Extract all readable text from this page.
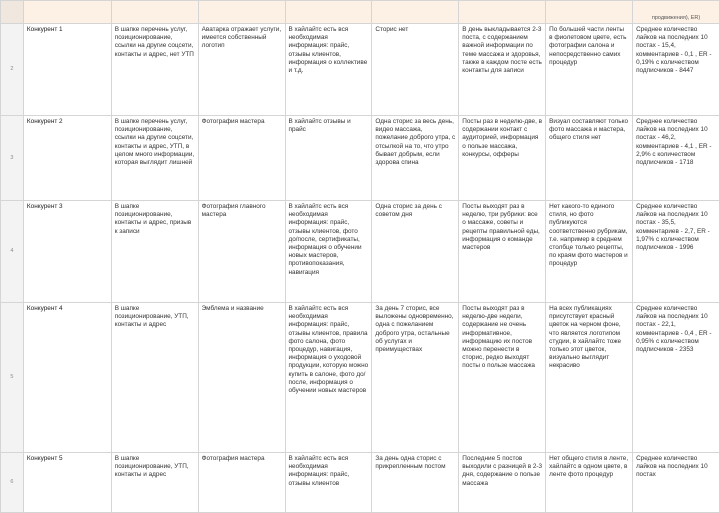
								продвижения), ER)
2	Конкурент 1	В шапке перечень услуг, позиционирование, ссылки на другие соцсети, контакты и адрес, нет УТП	Аватарка отражает услуги, имеется собственный логотип	В хайлайтс есть вся необходимая информация: прайс, отзывы клиентов, информация о коллективе и т.д.	Сторис нет	В день выкладывается 2-3 поста, с содержанием важной информации по теме массажа и здоровья, также в каждом посте есть контакты для записи	По большей части ленты в фиолетовом цвете, есть фотографии салона и непосредственно самих процедур	Среднее количество лайков на последних 10 постах - 15,4, комментариев - 0,1 , ER - 0,19% с количеством подписчиков - 8447
3	Конкурент 2	В шапке перечень услуг, позиционирование, ссылки на другие соцсети, контакты и адрес, УТП, в целом много информации, которая выглядит лишней	Фотография мастера	В хайлайтс отзывы и прайс	Одна сторис за весь день, видео массажа, пожелание доброго утра, с отсылкой на то, что утро бывает добрым, если здорова спина	Посты раз в неделю-две, в содержании контакт с аудиторией, информация о пользе массажа, конкурсы, офферы	Визуал составляют только фото массажа и мастера, общего стиля нет	Среднее количество лайков на последних 10 постах - 46,2, комментариев - 4,1 , ER - 2,9% с количеством подписчиков - 1718
4	Конкурент 3	В шапке позиционирование, контакты и адрес, призыв к записи	Фотография главного мастера	В хайлайтс есть вся необходимая информация: прайс, отзывы клиентов, фото до/после, сертификаты, информация о обучении новых мастеров, противопоказания, навигация	Одна сторис за день с советом дня	Посты выходят раз в неделю, три рубрики: все о массаже, советы и рецепты правильной еды, информация о команде мастеров	Нет какого-то единого стиля, но фото публикуются соответственно рубрикам, т.е. например в среднем столбце только рецепты, по краям фото мастеров и процедур	Среднее количество лайков на последних 10 постах - 35,5, комментариев - 2,7, ER - 1,97% с количеством подписчиков - 1996
5	Конкурент 4	В шапке позиционирование, УТП, контакты и адрес	Эмблема и название	В хайлайтс есть вся необходимая информация: прайс, отзывы клиентов, правила фото салона, фото процедур, навигация, информация о уходовой продукции, которую можно купить в салоне, фото до/после, информация о обучении новых мастеров	За день 7 сторис, все выложены одновременно, одна с пожеланием доброго утра, остальные об услугах и преимуществах	Посты выходят раз в неделю-две недели, содержание не очень информативное, информацию их постов можно перенести в сторис, редко выходят посты о пользе массажа	На всех публикациях присутствует красный цветок на черном фоне, что является логотипом студии, в хайлайтс тоже только этот цветок, визуально выглядит некрасиво	Среднее количество лайков на последних 10 постах - 22,1, комментариев - 0,4 , ER - 0,95% с количеством подписчиков - 2353
6	Конкурент 5	В шапке позиционирование, УТП, контакты и адрес	Фотография мастера	В хайлайтс есть вся необходимая информация: прайс, отзывы клиентов	За день одна сторис с прикрепленным постом	Последние 5 постов выходили с разницей в 2-3 дня, содержание о пользе массажа	Нет общего стиля в ленте, хайлайтс в одном цвете, в ленте фото процедур	Среднее количество лайков на последних 10 постах
